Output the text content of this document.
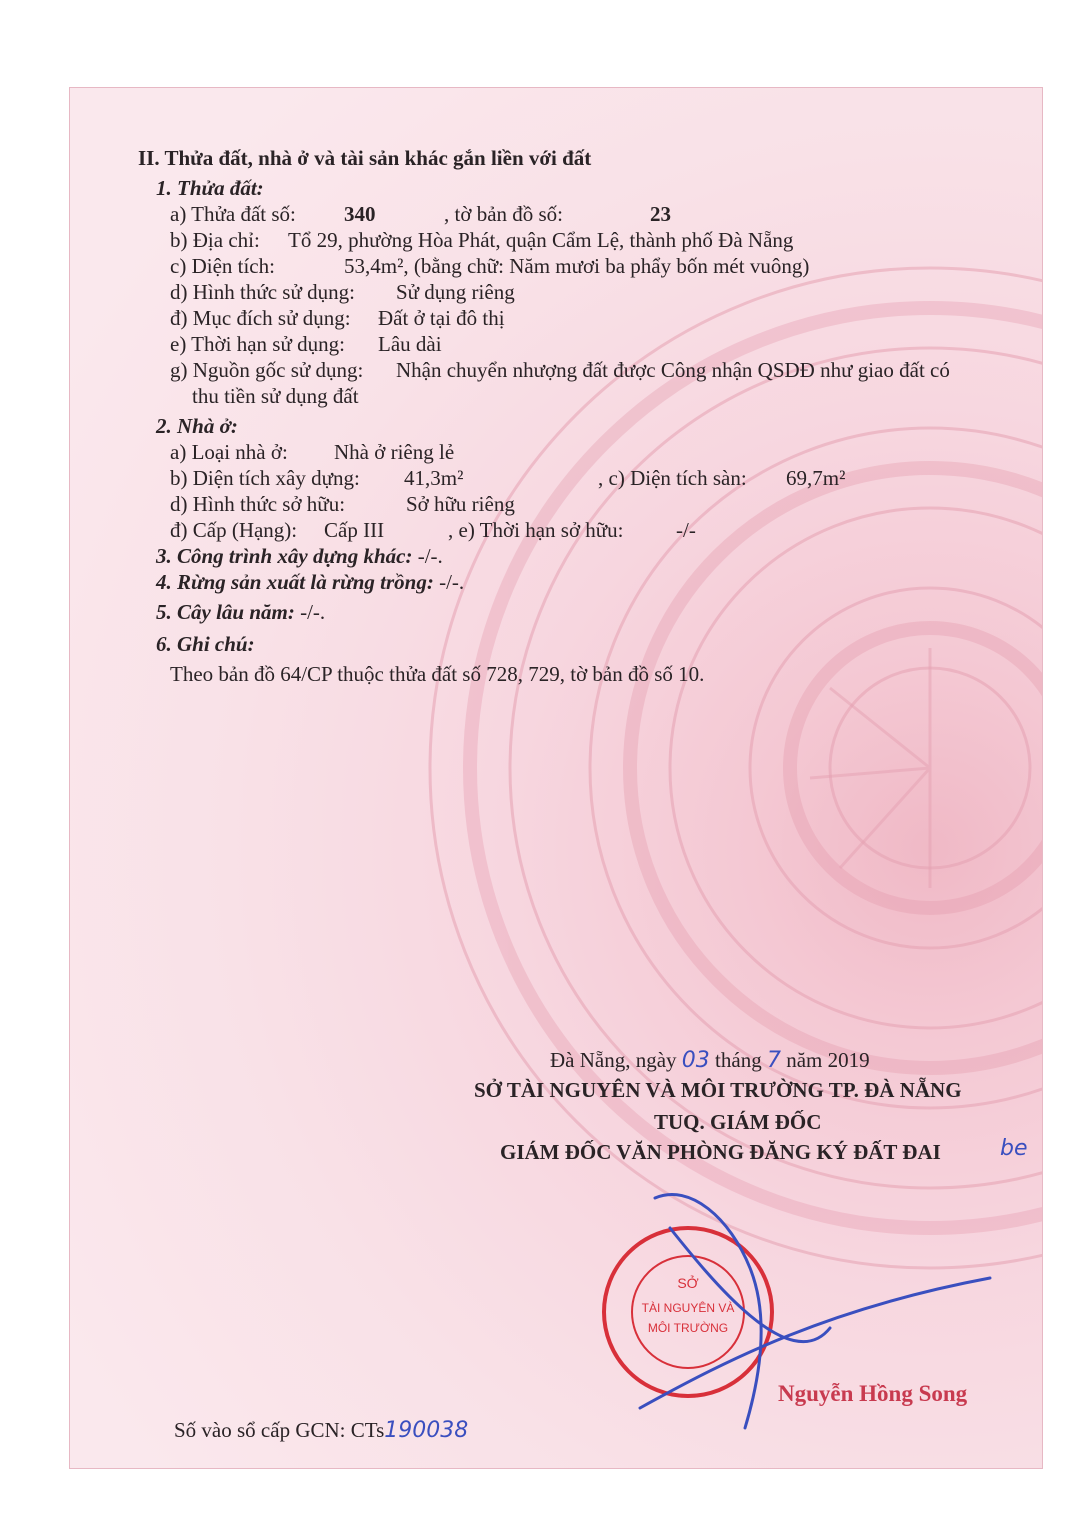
II. Thửa đất, nhà ở và tài sản khác gắn liền với đất
1. Thửa đất:
a) Thửa đất số: 340	, tờ bản đồ số:	23
b) Địa chỉ: Tổ 29, phường Hòa Phát, quận Cẩm Lệ, thành phố Đà Nẵng
c) Diện tích:	53,4m², (bằng chữ: Năm mươi ba phẩy bốn mét vuông)
d) Hình thức sử dụng: Sử dụng riêng
đ) Mục đích sử dụng: Đất ở tại đô thị
e) Thời hạn sử dụng: Lâu dài
g) Nguồn gốc sử dụng: Nhận chuyển nhượng đất được Công nhận QSDĐ như giao đất có
thu tiền sử dụng đất
2. Nhà ở:
a) Loại nhà ở: Nhà ở riêng lẻ
b) Diện tích xây dựng: 41,3m²	, c) Diện tích sàn: 69,7m²
d) Hình thức sở hữu:	Sở hữu riêng
đ) Cấp (Hạng): Cấp III	, e) Thời hạn sở hữu: -/-
3. Công trình xây dựng khác: -/-.
4. Rừng sản xuất là rừng trồng: -/-.
5. Cây lâu năm: -/-.
6. Ghi chú:
Theo bản đồ 64/CP thuộc thửa đất số 728, 729, tờ bản đồ số 10.
Đà Nẵng, ngày 03 tháng 7 năm 2019
SỞ TÀI NGUYÊN VÀ MÔI TRƯỜNG TP. ĐÀ NẴNG
TUQ. GIÁM ĐỐC
GIÁM ĐỐC VĂN PHÒNG ĐĂNG KÝ ĐẤT ĐAI	be
SỞ
TÀI NGUYÊN VÀ
MÔI TRƯỜNG
Nguyễn Hồng Song
Số vào sổ cấp GCN: CTs190038
